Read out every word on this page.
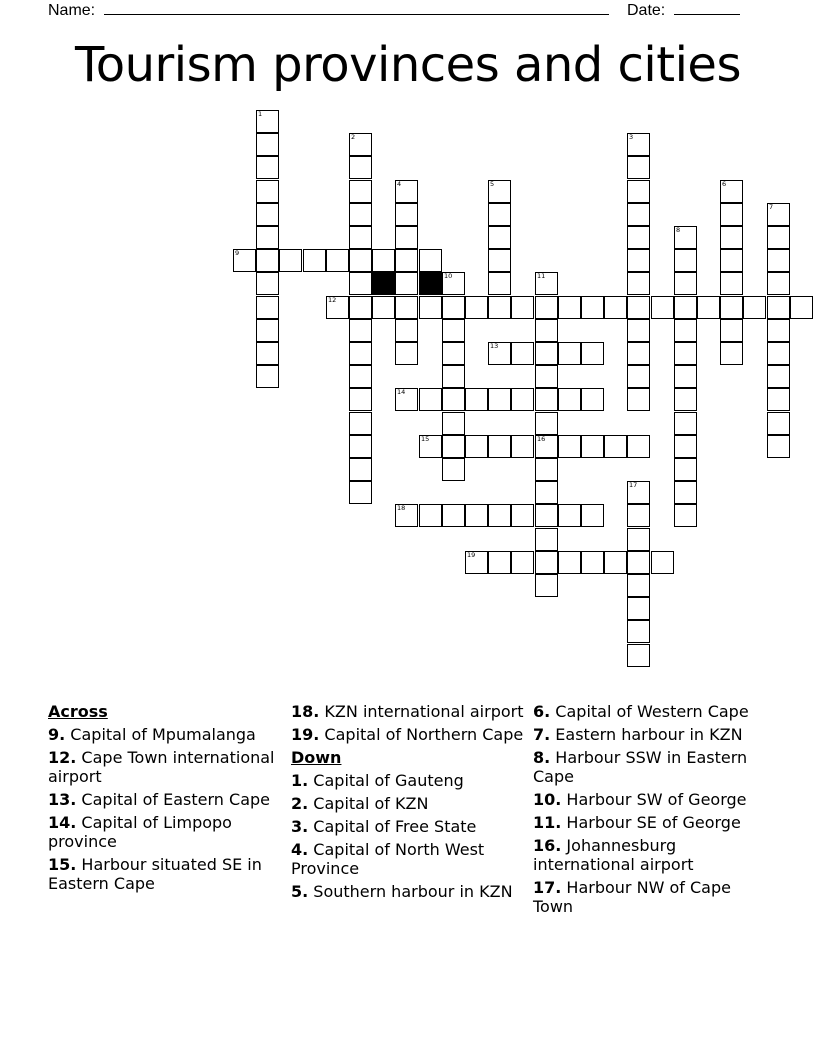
Name:	Date:
Tourism provinces and cities
1
2	3
4	5	6
7
8
9
10	11
12
13
14
15	16
17
18
19
Across
9. Capital of Mpumalanga
12. Cape Town international airport
13. Capital of Eastern Cape
14. Capital of Limpopo province
15. Harbour situated SE in Eastern Cape
18. KZN international airport
19. Capital of Northern Cape
Down
1. Capital of Gauteng
2. Capital of KZN
3. Capital of Free State
4. Capital of North West Province
5. Southern harbour in KZN
6. Capital of Western Cape
7. Eastern harbour in KZN
8. Harbour SSW in Eastern Cape
10. Harbour SW of George
11. Harbour SE of George
16. Johannesburg international airport
17. Harbour NW of Cape Town
